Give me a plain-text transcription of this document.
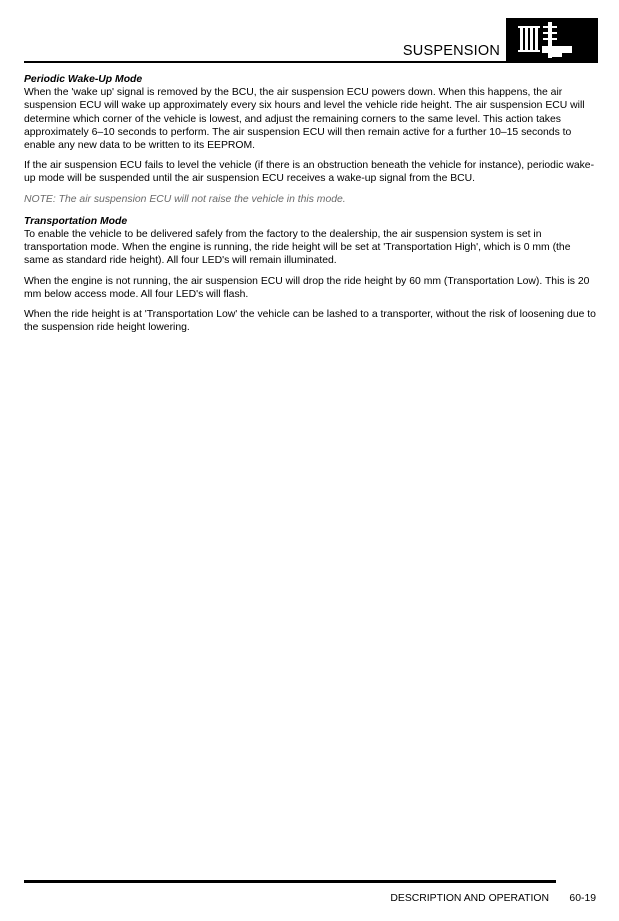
SUSPENSION

Periodic Wake-Up Mode

When the 'wake up' signal is removed by the BCU, the air suspension ECU powers down. When this happens, the air suspension ECU will wake up approximately every six hours and level the vehicle ride height. The air suspension ECU will determine which corner of the vehicle is lowest, and adjust the remaining corners to the same level. This action takes approximately 6–10 seconds to perform. The air suspension ECU will then remain active for a further 10–15 seconds to enable any new data to be written to its EEPROM.

If the air suspension ECU fails to level the vehicle (if there is an obstruction beneath the vehicle for instance), periodic wake-up mode will be suspended until the air suspension ECU receives a wake-up signal from the BCU.

NOTE: The air suspension ECU will not raise the vehicle in this mode.

Transportation Mode

To enable the vehicle to be delivered safely from the factory to the dealership, the air suspension system is set in transportation mode. When the engine is running, the ride height will be set at 'Transportation High', which is 0 mm (the same as standard ride height). All four LED's will remain illuminated.

When the engine is not running, the air suspension ECU will drop the ride height by 60 mm (Transportation Low). This is 20 mm below access mode. All four LED's will flash.

When the ride height is at 'Transportation Low' the vehicle can be lashed to a transporter, without the risk of loosening due to the suspension ride height lowering.

DESCRIPTION AND OPERATION	60-19
